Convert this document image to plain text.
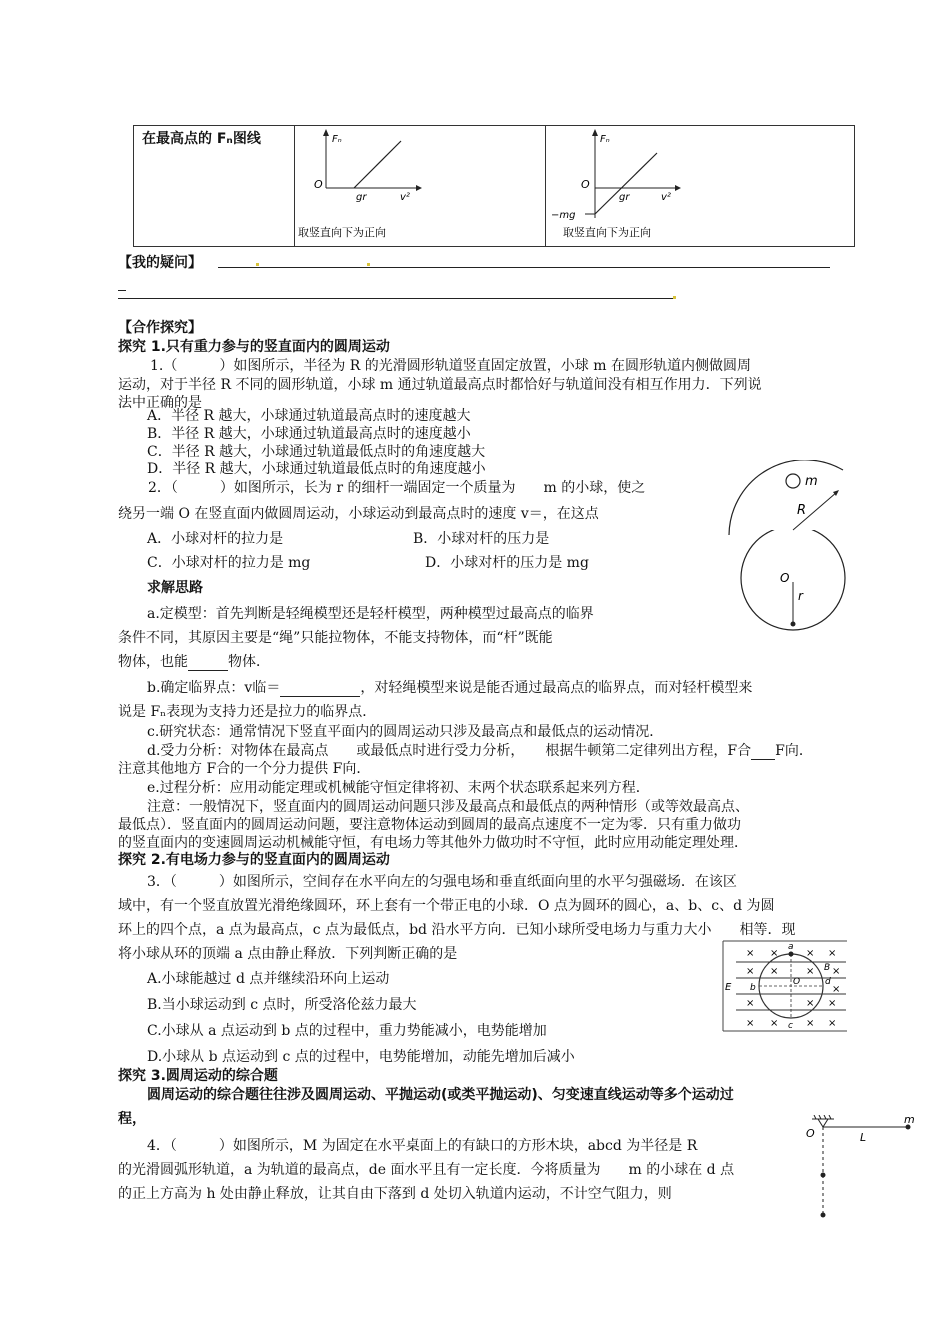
在最高点的 Fₙ图线	Fₙ
O
gr	v²
取竖直向下为正向
Fₙ
O
gr	v²
−mg
取竖直向下为正向
【我的疑问】
【合作探究】
探究 1.只有重力参与的竖直面内的圆周运动
1.（　　　）如图所示，半径为 R 的光滑圆形轨道竖直固定放置，小球 m 在圆形轨道内侧做圆周
运动，对于半径 R 不同的圆形轨道，小球 m 通过轨道最高点时都恰好与轨道间没有相互作用力．下列说
法中正确的是
A．半径 R 越大，小球通过轨道最高点时的速度越大
B．半径 R 越大，小球通过轨道最高点时的速度越小
C．半径 R 越大，小球通过轨道最低点时的角速度越大
D．半径 R 越大，小球通过轨道最低点时的角速度越小
2．（　　　）如图所示，长为 r 的细杆一端固定一个质量为　　m 的小球，使之
绕另一端 O 在竖直面内做圆周运动，小球运动到最高点时的速度 v＝，在这点
A．小球对杆的拉力是	B．小球对杆的压力是
C．小球对杆的拉力是 mg	D．小球对杆的压力是 mg
求解思路
a.定模型：首先判断是轻绳模型还是轻杆模型，两种模型过最高点的临界
条件不同，其原因主要是“绳”只能拉物体，不能支持物体，而“杆”既能
物体，也能	物体．
b.确定临界点：v临＝	，对轻绳模型来说是能否通过最高点的临界点，而对轻杆模型来
说是 Fₙ表现为支持力还是拉力的临界点．
c.研究状态：通常情况下竖直平面内的圆周运动只涉及最高点和最低点的运动情况．
d.受力分析：对物体在最高点　　或最低点时进行受力分析，　　根据牛顿第二定律列出方程，F合 F向．
注意其他地方 F合的一个分力提供 F向．
e.过程分析：应用动能定理或机械能守恒定律将初、末两个状态联系起来列方程．
注意：一般情况下，竖直面内的圆周运动问题只涉及最高点和最低点的两种情形（或等效最高点、
最低点）．竖直面内的圆周运动问题，要注意物体运动到圆周的最高点速度不一定为零．只有重力做功
的竖直面内的变速圆周运动机械能守恒，有电场力等其他外力做功时不守恒，此时应用动能定理处理．
探究 2.有电场力参与的竖直面内的圆周运动
3．（　　　）如图所示，空间存在水平向左的匀强电场和垂直纸面向里的水平匀强磁场．在该区
域中，有一个竖直放置光滑绝缘圆环，环上套有一个带正电的小球．O 点为圆环的圆心，a、b、c、d 为圆
环上的四个点，a 点为最高点，c 点为最低点，bd 沿水平方向．已知小球所受电场力与重力大小　　相等．现
将小球从环的顶端 a 点由静止释放．下列判断正确的是
A.小球能越过 d 点并继续沿环向上运动
B.当小球运动到 c 点时，所受洛伦兹力最大
C.小球从 a 点运动到 b 点的过程中，重力势能减小，电势能增加
D.小球从 b 点运动到 c 点的过程中，电势能增加，动能先增加后减小
探究 3.圆周运动的综合题
圆周运动的综合题往往涉及圆周运动、平抛运动(或类平抛运动)、匀变速直线运动等多个运动过
程，
4．（　　　）如图所示，M 为固定在水平桌面上的有缺口的方形木块，abcd 为半径是 R
的光滑圆弧形轨道，a 为轨道的最高点，de 面水平且有一定长度．今将质量为　　m 的小球在 d 点
的正上方高为 h 处由静止释放，让其自由下落到 d 处切入轨道内运动，不计空气阻力，则
m
R
O
r
× ×	× ×
× ×	× ×
×
×	× ×
× ×	× ×
E
a
b
c
d
O
B
O	L
m
